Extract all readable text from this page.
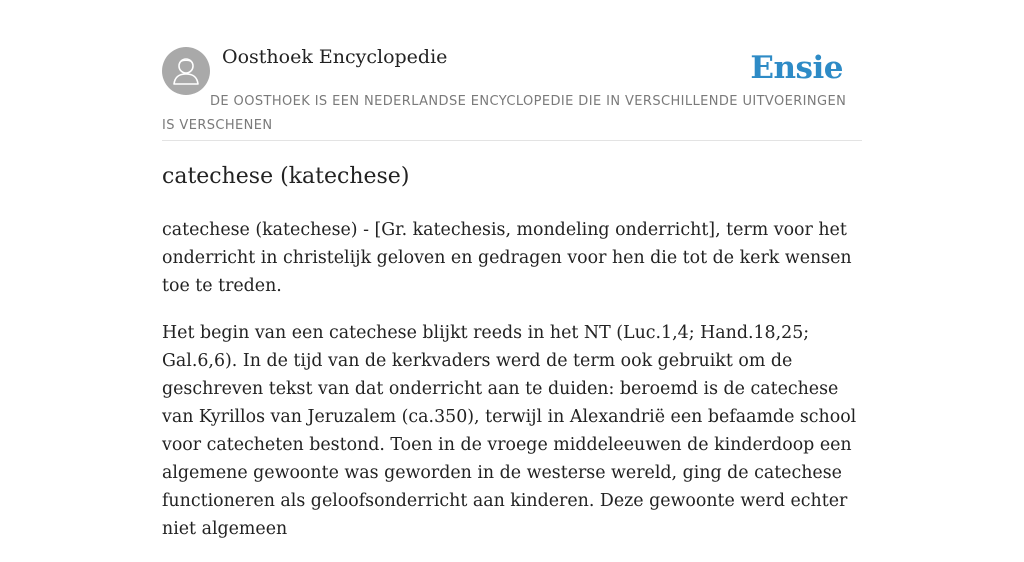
Oosthoek Encyclopedie	Ensie
DE OOSTHOEK IS EEN NEDERLANDSE ENCYCLOPEDIE DIE IN VERSCHILLENDE UITVOERINGEN IS VERSCHENEN
catechese (katechese)

catechese (katechese) - [Gr. katechesis, mondeling onderricht], term voor het onderricht in christelijk geloven en gedragen voor hen die tot de kerk wensen toe te treden.

Het begin van een catechese blijkt reeds in het NT (Luc.1,4; Hand.18,25; Gal.6,6). In de tijd van de kerkvaders werd de term ook gebruikt om de geschreven tekst van dat onderricht aan te duiden: beroemd is de catechese van Kyrillos van Jeruzalem (ca.350), terwijl in Alexandrië een befaamde school voor catecheten bestond. Toen in de vroege middeleeuwen de kinderdoop een algemene gewoonte was geworden in de westerse wereld, ging de catechese functioneren als geloofsonderricht aan kinderen. Deze gewoonte werd echter niet algemeen
